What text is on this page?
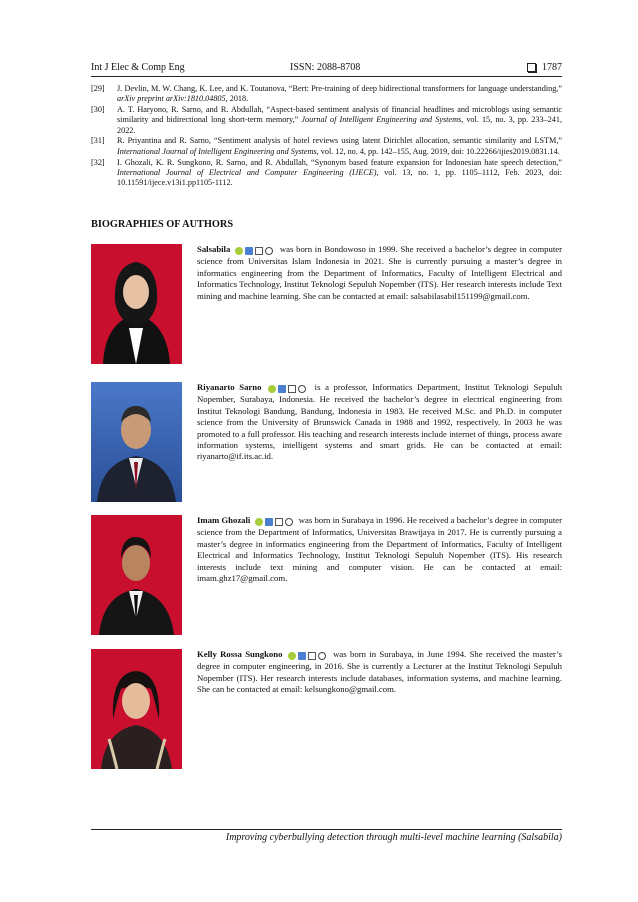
Int J Elec & Comp Eng	ISSN: 2088-8708	1787
[29] J. Devlin, M. W. Chang, K. Lee, and K. Toutanova, “Bert: Pre-training of deep bidirectional transformers for language understanding,” arXiv preprint arXiv:1810.04805, 2018.
[30] A. T. Haryono, R. Sarno, and R. Abdullah, “Aspect-based sentiment analysis of financial headlines and microblogs using semantic similarity and bidirectional long short-term memory,” Journal of Intelligent Engineering and Systems, vol. 15, no. 3, pp. 233–241, 2022.
[31] R. Priyantina and R. Sarno, “Sentiment analysis of hotel reviews using latent Dirichlet allocation, semantic similarity and LSTM,” International Journal of Intelligent Engineering and Systems, vol. 12, no. 4, pp. 142–155, Aug. 2019, doi: 10.22266/ijies2019.0831.14.
[32] I. Ghozali, K. R. Sungkono, R. Sarno, and R. Abdullah, “Synonym based feature expansion for Indonesian hate speech detection,” International Journal of Electrical and Computer Engineering (IJECE), vol. 13, no. 1, pp. 1105–1112, Feb. 2023, doi: 10.11591/ijece.v13i1.pp1105-1112.
BIOGRAPHIES OF AUTHORS
Salsabila	was born in Bondowoso in 1999. She received a bachelor’s degree in computer science from Universitas Islam Indonesia in 2021. She is currently pursuing a master’s degree in informatics engineering from the Department of Informatics, Faculty of Intelligent Electrical and Informatics Technology, Institut Teknologi Sepuluh Nopember (ITS). Her research interests include Text mining and machine learning. She can be contacted at email: salsabilasabil151199@gmail.com.
Riyanarto Sarno	is a professor, Informatics Department, Institut Teknologi Sepuluh Nopember, Surabaya, Indonesia. He received the bachelor’s degree in electrical engineering from Institut Teknologi Bandung, Bandung, Indonesia in 1983. He received M.Sc. and Ph.D. in computer science from the University of Brunswick Canada in 1988 and 1992, respectively. In 2003 he was promoted to a full professor. His teaching and research interests include internet of things, process aware information systems, intelligent systems and smart grids. He can be contacted at email: riyanarto@if.its.ac.id.
Imam Ghozali	was born in Surabaya in 1996. He received a bachelor’s degree in computer science from the Department of Informatics, Universitas Brawijaya in 2017. He is currently pursuing a master’s degree in informatics engineering from the Department of Informatics, Faculty of Intelligent Electrical and Informatics Technology, Institut Teknologi Sepuluh Nopember (ITS). His research interests include text mining and computer vision. He can be contacted at email: imam.ghz17@gmail.com.
Kelly Rossa Sungkono	was born in Surabaya, in June 1994. She received the master’s degree in computer engineering, in 2016. She is currently a Lecturer at the Institut Teknologi Sepuluh Nopember (ITS). Her research interests include databases, information systems, and machine learning. She can be contacted at email: kelsungkono@gmail.com.
Improving cyberbullying detection through multi-level machine learning (Salsabila)
